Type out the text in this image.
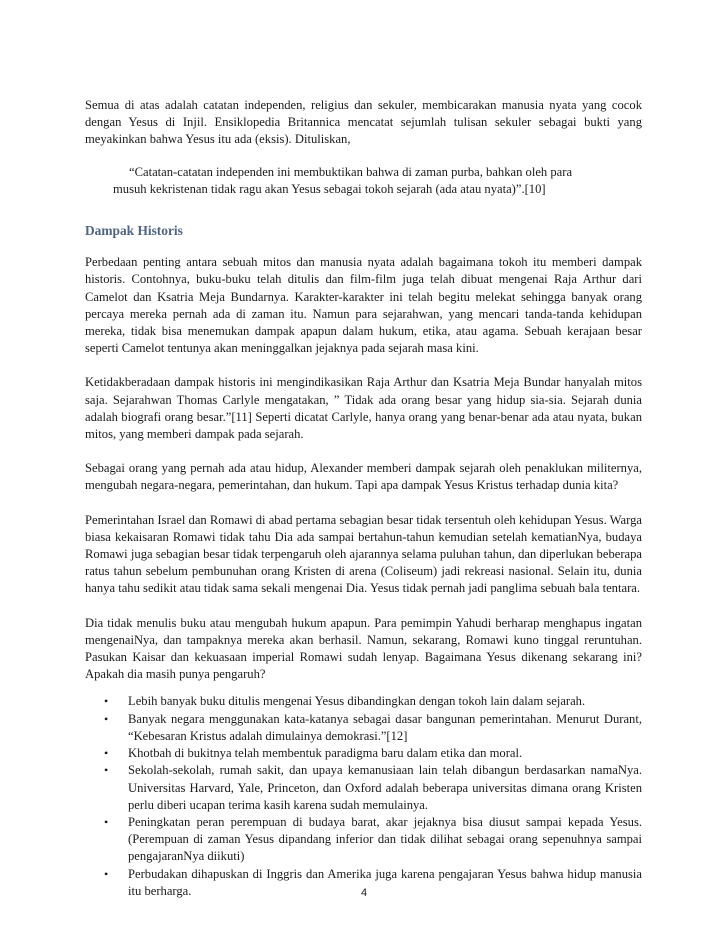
Semua di atas adalah catatan independen, religius dan sekuler, membicarakan manusia nyata yang cocok dengan Yesus di Injil. Ensiklopedia Britannica mencatat sejumlah tulisan sekuler sebagai bukti yang meyakinkan bahwa Yesus itu ada (eksis). Dituliskan,

“Catatan-catatan independen ini membuktikan bahwa di zaman purba, bahkan oleh para
musuh kekristenan tidak ragu akan Yesus sebagai tokoh sejarah (ada atau nyata)”.[10]
Dampak Historis

Perbedaan penting antara sebuah mitos dan manusia nyata adalah bagaimana tokoh itu memberi dampak historis. Contohnya, buku-buku telah ditulis dan film-film juga telah dibuat mengenai Raja Arthur dari Camelot dan Ksatria Meja Bundarnya. Karakter-karakter ini telah begitu melekat sehingga banyak orang percaya mereka pernah ada di zaman itu. Namun para sejarahwan, yang mencari tanda-tanda kehidupan mereka, tidak bisa menemukan dampak apapun dalam hukum, etika, atau agama. Sebuah kerajaan besar seperti Camelot tentunya akan meninggalkan jejaknya pada sejarah masa kini.

Ketidakberadaan dampak historis ini mengindikasikan Raja Arthur dan Ksatria Meja Bundar hanyalah mitos saja. Sejarahwan Thomas Carlyle mengatakan, ” Tidak ada orang besar yang hidup sia-sia. Sejarah dunia adalah biografi orang besar.”[11] Seperti dicatat Carlyle, hanya orang yang benar-benar ada atau nyata, bukan mitos, yang memberi dampak pada sejarah.

Sebagai orang yang pernah ada atau hidup, Alexander memberi dampak sejarah oleh penaklukan militernya, mengubah negara-negara, pemerintahan, dan hukum. Tapi apa dampak Yesus Kristus terhadap dunia kita?

Pemerintahan Israel dan Romawi di abad pertama sebagian besar tidak tersentuh oleh kehidupan Yesus. Warga biasa kekaisaran Romawi tidak tahu Dia ada sampai bertahun-tahun kemudian setelah kematianNya, budaya Romawi juga sebagian besar tidak terpengaruh oleh ajarannya selama puluhan tahun, dan diperlukan beberapa ratus tahun sebelum pembunuhan orang Kristen di arena (Coliseum) jadi rekreasi nasional. Selain itu, dunia hanya tahu sedikit atau tidak sama sekali mengenai Dia. Yesus tidak pernah jadi panglima sebuah bala tentara.

Dia tidak menulis buku atau mengubah hukum apapun. Para pemimpin Yahudi berharap menghapus ingatan mengenaiNya, dan tampaknya mereka akan berhasil. Namun, sekarang, Romawi kuno tinggal reruntuhan. Pasukan Kaisar dan kekuasaan imperial Romawi sudah lenyap. Bagaimana Yesus dikenang sekarang ini? Apakah dia masih punya pengaruh?

• Lebih banyak buku ditulis mengenai Yesus dibandingkan dengan tokoh lain dalam sejarah.
• Banyak negara menggunakan kata-katanya sebagai dasar bangunan pemerintahan. Menurut Durant, “Kebesaran Kristus adalah dimulainya demokrasi.”[12]
• Khotbah di bukitnya telah membentuk paradigma baru dalam etika dan moral.
• Sekolah-sekolah, rumah sakit, dan upaya kemanusiaan lain telah dibangun berdasarkan namaNya. Universitas Harvard, Yale, Princeton, dan Oxford adalah beberapa universitas dimana orang Kristen perlu diberi ucapan terima kasih karena sudah memulainya.
• Peningkatan peran perempuan di budaya barat, akar jejaknya bisa diusut sampai kepada Yesus. (Perempuan di zaman Yesus dipandang inferior dan tidak dilihat sebagai orang sepenuhnya sampai pengajaranNya diikuti)
• Perbudakan dihapuskan di Inggris dan Amerika juga karena pengajaran Yesus bahwa hidup manusia itu berharga.	4
